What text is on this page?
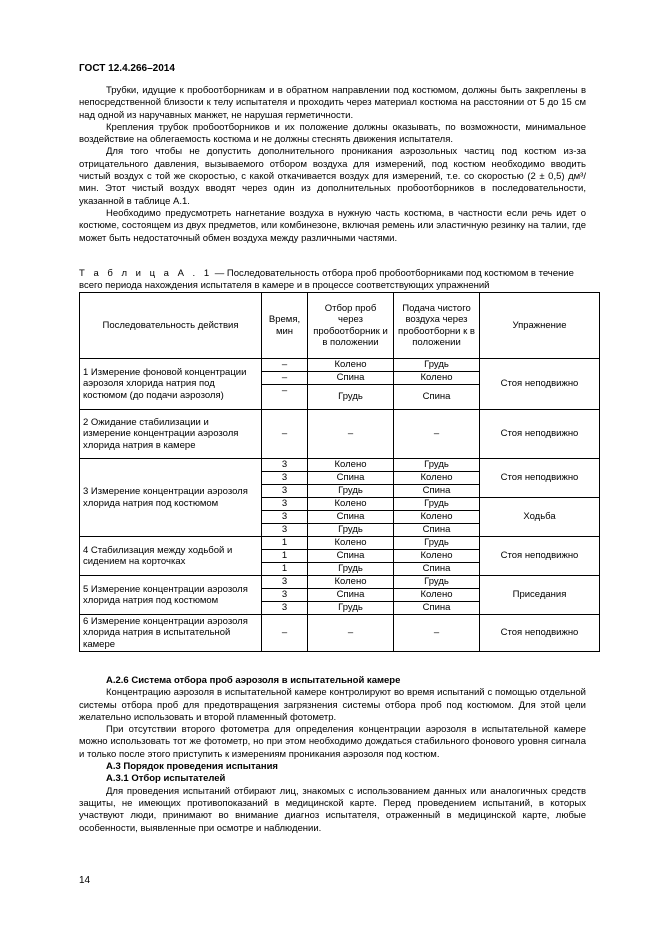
ГОСТ 12.4.266–2014

Трубки, идущие к пробоотборникам и в обратном направлении под костюмом, должны быть закреплены в непосредственной близости к телу испытателя и проходить через материал костюма на расстоянии от 5 до 15 см над одной из наручавных манжет, не нарушая герметичности.

Крепления трубок пробоотборников и их положение должны оказывать, по возможности, минимальное воздействие на облегаемость костюма и не должны стеснять движения испытателя.

Для того чтобы не допустить дополнительного проникания аэрозольных частиц под костюм из-за отрицательного давления, вызываемого отбором воздуха для измерений, под костюм необходимо вводить чистый воздух с той же скоростью, с какой откачивается воздух для измерений, т.е. со скоростью (2 ± 0,5) дм³/мин. Этот чистый воздух вводят через один из дополнительных пробоотборников в последовательности, указанной в таблице А.1.

Необходимо предусмотреть нагнетание воздуха в нужную часть костюма, в частности если речь идет о костюме, состоящем из двух предметов, или комбинезоне, включая ремень или эластичную резинку на талии, где может быть недостаточный обмен воздуха между различными частями.

Т а б л и ц а А . 1 — Последовательность отбора проб пробоотборниками под костюмом в течение всего периода нахождения испытателя в камере и в процессе соответствующих упражнений
Последовательность действия	Время, мин	Отбор проб через пробоотборник и в положении	Подача чистого воздуха через пробоотборни к в положении	Упражнение
1 Измерение фоновой концентрации аэрозоля хлорида натрия под костюмом (до подачи аэрозоля)	–	Колено	Грудь	Стоя неподвижно
	–	Спина	Колено	
	–	Грудь	Спина	
2 Ожидание стабилизации и измерение концентрации аэрозоля хлорида натрия в камере	–	–	–	Стоя неподвижно
3 Измерение концентрации аэрозоля хлорида натрия под костюмом	3	Колено	Грудь	Стоя неподвижно
	3	Спина	Колено	
	3	Грудь	Спина	
	3	Колено	Грудь	Ходьба
	3	Спина	Колено	
	3	Грудь	Спина	
4 Стабилизация между ходьбой и сидением на корточках	1	Колено	Грудь	Стоя неподвижно
	1	Спина	Колено	
	1	Грудь	Спина	
5 Измерение концентрации аэрозоля хлорида натрия под костюмом	3	Колено	Грудь	Приседания
	3	Спина	Колено	
	3	Грудь	Спина	
6 Измерение концентрации аэрозоля хлорида натрия в испытательной камере	–	–	–	Стоя неподвижно

А.2.6 Система отбора проб аэрозоля в испытательной камере

Концентрацию аэрозоля в испытательной камере контролируют во время испытаний с помощью отдельной системы отбора проб для предотвращения загрязнения системы отбора проб под костюмом. Для этой цели желательно использовать и второй пламенный фотометр.

При отсутствии второго фотометра для определения концентрации аэрозоля в испытательной камере можно использовать тот же фотометр, но при этом необходимо дождаться стабильного фонового уровня сигнала и только после этого приступить к измерениям проникания аэрозоля под костюм.

А.3 Порядок проведения испытания

А.3.1 Отбор испытателей

Для проведения испытаний отбирают лиц, знакомых с использованием данных или аналогичных средств защиты, не имеющих противопоказаний в медицинской карте. Перед проведением испытаний, в которых участвуют люди, принимают во внимание диагноз испытателя, отраженный в медицинской карте, любые особенности, выявленные при осмотре и наблюдении.

14
